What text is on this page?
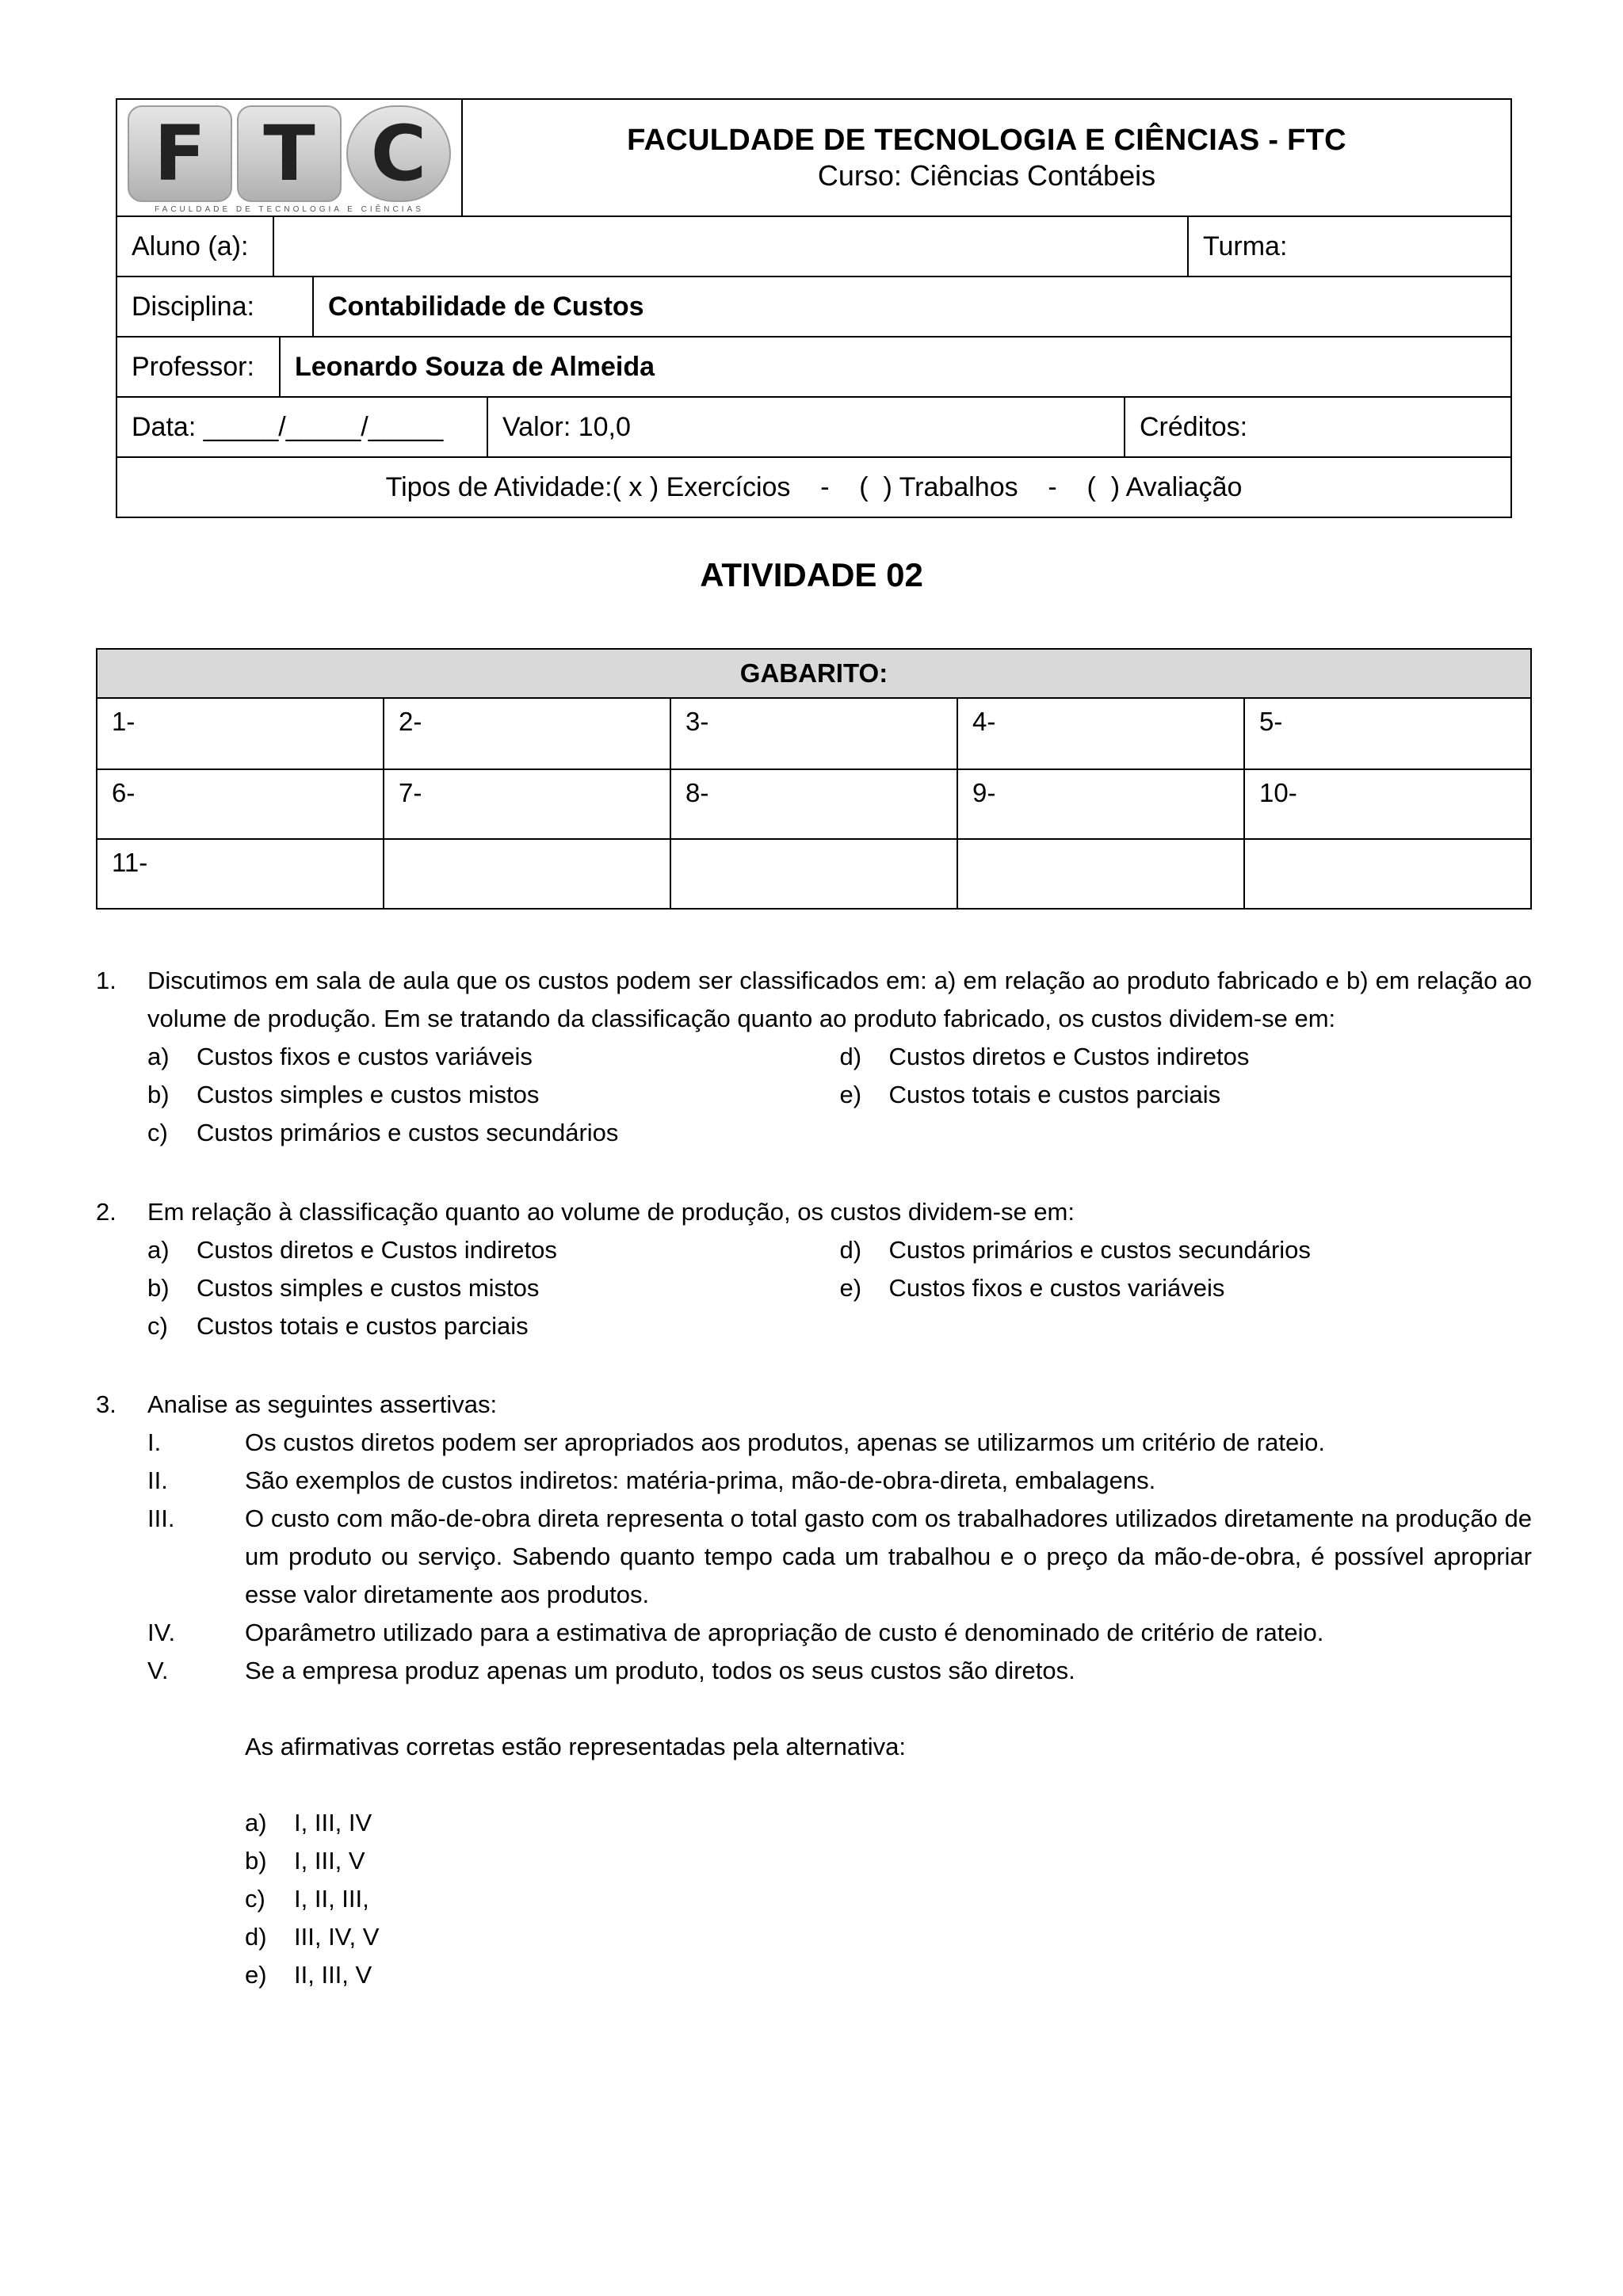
F T C
FACULDADE DE TECNOLOGIA E CIÊNCIAS
FACULDADE DE TECNOLOGIA E CIÊNCIAS - FTC
Curso: Ciências Contábeis
Aluno (a):	Turma:
Disciplina:	Contabilidade de Custos
Professor:	Leonardo Souza de Almeida
Data: _____/_____/_____	Valor: 10,0	Créditos:
Tipos de Atividade:( x ) Exercícios    -    (  ) Trabalhos    -    (  ) Avaliação
ATIVIDADE 02
GABARITO:
1-	2-	3-	4-	5-
6-	7-	8-	9-	10-
11-
1.	Discutimos em sala de aula que os custos podem ser classificados em: a) em relação ao produto fabricado e b) em relação ao volume de produção. Em se tratando da classificação quanto ao produto fabricado, os custos dividem-se em:
a)	Custos fixos e custos variáveis
b)	Custos simples e custos mistos
c)	Custos primários e custos secundários
d)	Custos diretos e Custos indiretos
e)	Custos totais e custos parciais
2.	Em relação à classificação quanto ao volume de produção, os custos dividem-se em:
a)	Custos diretos e Custos indiretos
b)	Custos simples e custos mistos
c)	Custos totais e custos parciais
d)	Custos primários e custos secundários
e)	Custos fixos e custos variáveis
3.	Analise as seguintes assertivas:
I.	Os custos diretos podem ser apropriados aos produtos, apenas se utilizarmos um critério de rateio.
II.	São exemplos de custos indiretos: matéria-prima, mão-de-obra-direta, embalagens.
III.	O custo com mão-de-obra direta representa o total gasto com os trabalhadores utilizados diretamente na produção de um produto ou serviço. Sabendo quanto tempo cada um trabalhou e o preço da mão-de-obra, é possível apropriar esse valor diretamente aos produtos.
IV.	Oparâmetro utilizado para a estimativa de apropriação de custo é denominado de critério de rateio.
V.	Se a empresa produz apenas um produto, todos os seus custos são diretos.
As afirmativas corretas estão representadas pela alternativa:
a)	I, III, IV
b)	I, III, V
c)	I, II, III,
d)	III, IV, V
e)	II, III, V
